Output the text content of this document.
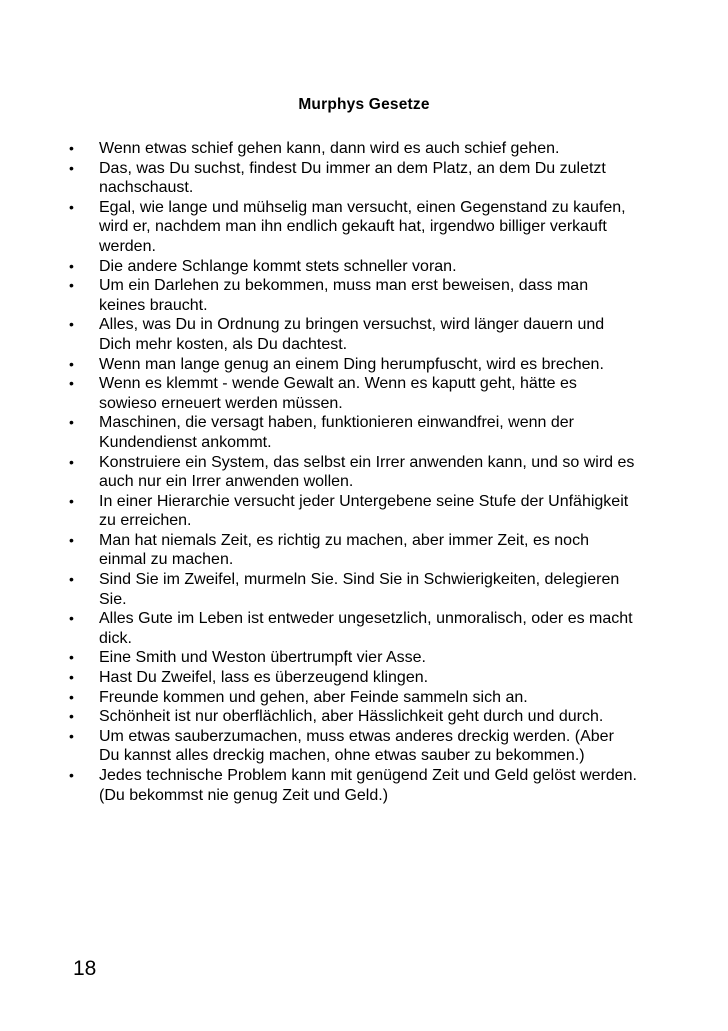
Murphys Gesetze
• Wenn etwas schief gehen kann, dann wird es auch schief gehen.
• Das, was Du suchst, findest Du immer an dem Platz, an dem Du zuletzt nachschaust.
• Egal, wie lange und mühselig man versucht, einen Gegenstand zu kaufen, wird er, nachdem man ihn endlich gekauft hat, irgendwo billiger verkauft werden.
• Die andere Schlange kommt stets schneller voran.
• Um ein Darlehen zu bekommen, muss man erst beweisen, dass man keines braucht.
• Alles, was Du in Ordnung zu bringen versuchst, wird länger dauern und Dich mehr kosten, als Du dachtest.
• Wenn man lange genug an einem Ding herumpfuscht, wird es brechen.
• Wenn es klemmt - wende Gewalt an. Wenn es kaputt geht, hätte es sowieso erneuert werden müssen.
• Maschinen, die versagt haben, funktionieren einwandfrei, wenn der Kundendienst ankommt.
• Konstruiere ein System, das selbst ein Irrer anwenden kann, und so wird es auch nur ein Irrer anwenden wollen.
• In einer Hierarchie versucht jeder Untergebene seine Stufe der Unfähigkeit zu erreichen.
• Man hat niemals Zeit, es richtig zu machen, aber immer Zeit, es noch einmal zu machen.
• Sind Sie im Zweifel, murmeln Sie. Sind Sie in Schwierigkeiten, delegieren Sie.
• Alles Gute im Leben ist entweder ungesetzlich, unmoralisch, oder es macht dick.
• Eine Smith und Weston übertrumpft vier Asse.
• Hast Du Zweifel, lass es überzeugend klingen.
• Freunde kommen und gehen, aber Feinde sammeln sich an.
• Schönheit ist nur oberflächlich, aber Hässlichkeit geht durch und durch.
• Um etwas sauberzumachen, muss etwas anderes dreckig werden. (Aber Du kannst alles dreckig machen, ohne etwas sauber zu bekommen.)
• Jedes technische Problem kann mit genügend Zeit und Geld gelöst werden. (Du bekommst nie genug Zeit und Geld.)
18
